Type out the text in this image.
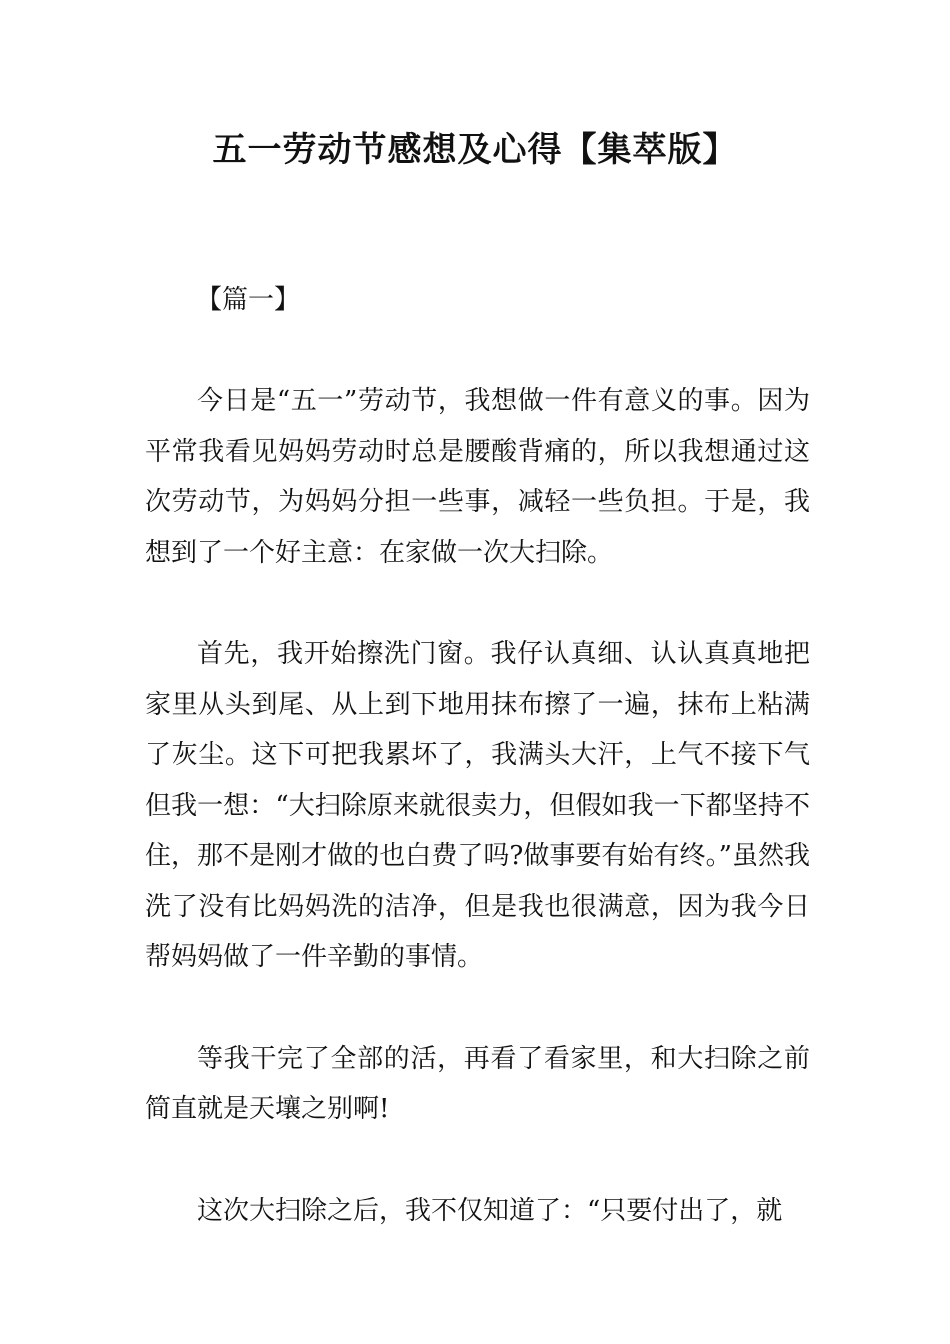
五一劳动节感想及心得【集萃版】
【篇一】

今日是“五一”劳动节，我想做一件有意义的事。因为平常我看见妈妈劳动时总是腰酸背痛的，所以我想通过这次劳动节，为妈妈分担一些事，减轻一些负担。于是，我想到了一个好主意：在家做一次大扫除。

首先，我开始擦洗门窗。我仔认真细、认认真真地把家里从头到尾、从上到下地用抹布擦了一遍，抹布上粘满了灰尘。这下可把我累坏了，我满头大汗，上气不接下气但我一想：“大扫除原来就很卖力，但假如我一下都坚持不住，那不是刚才做的也白费了吗?做事要有始有终。”虽然我洗了没有比妈妈洗的洁净，但是我也很满意，因为我今日帮妈妈做了一件辛勤的事情。

等我干完了全部的活，再看了看家里，和大扫除之前简直就是天壤之别啊!

这次大扫除之后，我不仅知道了：“只要付出了，就
